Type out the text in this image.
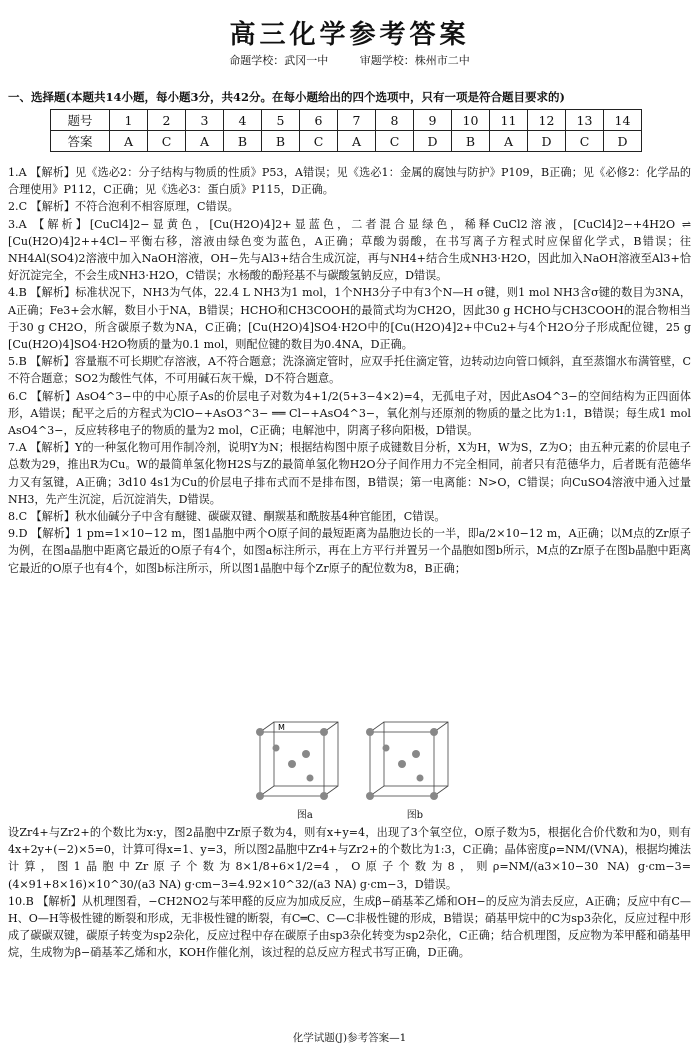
高三化学参考答案
命题学校：武冈一中	审题学校：株州市二中
一、选择题(本题共14小题，每小题3分，共42分。在每小题给出的四个选项中，只有一项是符合题目要求的)
题号	1	2	3	4	5	6	7	8	9	10	11	12	13	14
答案	A	C	A	B	B	C	A	C	D	B	A	D	C	D

1.A 【解析】见《选必2：分子结构与物质的性质》P53，A错误；见《选必1：金属的腐蚀与防护》P109，B正确；见《必修2：化学品的合理使用》P112，C正确；见《选必3：蛋白质》P115，D正确。

2.C 【解析】不符合泡利不相容原理，C错误。

3.A 【解析】[CuCl4]2−显黄色，[Cu(H2O)4]2+显蓝色，二者混合显绿色，稀释CuCl2溶液，[CuCl4]2−+4H2O ⇌ [Cu(H2O)4]2++4Cl−平衡右移，溶液由绿色变为蓝色，A正确；草酸为弱酸，在书写离子方程式时应保留化学式，B错误；往NH4Al(SO4)2溶液中加入NaOH溶液，OH−先与Al3+结合生成沉淀，再与NH4+结合生成NH3·H2O，因此加入NaOH溶液至Al3+恰好沉淀完全，不会生成NH3·H2O，C错误；水杨酸的酚羟基不与碳酸氢钠反应，D错误。

4.B 【解析】标准状况下，NH3为气体，22.4 L NH3为1 mol，1个NH3分子中有3个N—H σ键，则1 mol NH3含σ键的数目为3NA，A正确；Fe3+会水解，数目小于NA，B错误；HCHO和CH3COOH的最简式均为CH2O，因此30 g HCHO与CH3COOH的混合物相当于30 g CH2O，所含碳原子数为NA，C正确；[Cu(H2O)4]SO4·H2O中的[Cu(H2O)4]2+中Cu2+与4个H2O分子形成配位键，25 g [Cu(H2O)4]SO4·H2O物质的量为0.1 mol，则配位键的数目为0.4NA，D正确。

5.B 【解析】容量瓶不可长期贮存溶液，A不符合题意；洗涤滴定管时，应双手托住滴定管，边转动边向管口倾斜，直至蒸馏水布满管壁，C不符合题意；SO2为酸性气体，不可用碱石灰干燥，D不符合题意。

6.C 【解析】AsO4^3−中的中心原子As的价层电子对数为4+1/2(5+3−4×2)=4，无孤电子对，因此AsO4^3−的空间结构为正四面体形，A错误；配平之后的方程式为ClO−+AsO3^3− ══ Cl−+AsO4^3−，氧化剂与还原剂的物质的量之比为1:1，B错误；每生成1 mol AsO4^3−，反应转移电子的物质的量为2 mol，C正确；电解池中，阴离子移向阳极，D错误。

7.A 【解析】Y的一种氢化物可用作制冷剂，说明Y为N；根据结构图中原子成键数目分析，X为H，W为S，Z为O；由五种元素的价层电子总数为29，推出R为Cu。W的最简单氢化物H2S与Z的最简单氢化物H2O分子间作用力不完全相同，前者只有范德华力，后者既有范德华力又有氢键，A正确；3d10 4s1为Cu的价层电子排布式而不是排布图，B错误；第一电离能：N>O，C错误；向CuSO4溶液中通入过量NH3，先产生沉淀，后沉淀消失，D错误。

8.C 【解析】秋水仙碱分子中含有醚键、碳碳双键、酮羰基和酰胺基4种官能团，C错误。

9.D 【解析】1 pm=1×10−12 m，图1晶胞中两个O原子间的最短距离为晶胞边长的一半，即a/2×10−12 m，A正确；以M点的Zr原子为例，在图a晶胞中距离它最近的O原子有4个，如图a标注所示，再在上方平行并置另一个晶胞如图b所示，M点的Zr原子在图b晶胞中距离它最近的O原子也有4个，如图b标注所示，所以图1晶胞中每个Zr原子的配位数为8，B正确；

M
图a	图b

设Zr4+与Zr2+的个数比为x:y，图2晶胞中Zr原子数为4，则有x+y=4，出现了3个氧空位，O原子数为5，根据化合价代数和为0，则有4x+2y+(−2)×5=0，计算可得x=1、y=3，所以图2晶胞中Zr4+与Zr2+的个数比为1:3，C正确；晶体密度ρ=NM/(VNA)，根据均摊法计算，图1晶胞中Zr原子个数为8×1/8+6×1/2=4，O原子个数为8，则ρ=NM/(a3×10−30 NA) g·cm−3=(4×91+8×16)×10^30/(a3 NA) g·cm−3=4.92×10^32/(a3 NA) g·cm−3，D错误。

10.B 【解析】从机理图看，−CH2NO2与苯甲醛的反应为加成反应，生成β−硝基苯乙烯和OH−的反应为消去反应，A正确；反应中有C—H、O—H等极性键的断裂和形成，无非极性键的断裂，有C═C、C—C非极性键的形成，B错误；硝基甲烷中的C为sp3杂化，反应过程中形成了碳碳双键，碳原子转变为sp2杂化，反应过程中存在碳原子由sp3杂化转变为sp2杂化，C正确；结合机理图，反应物为苯甲醛和硝基甲烷，生成物为β−硝基苯乙烯和水，KOH作催化剂，该过程的总反应方程式书写正确，D正确。

化学试题(J)参考答案—1
